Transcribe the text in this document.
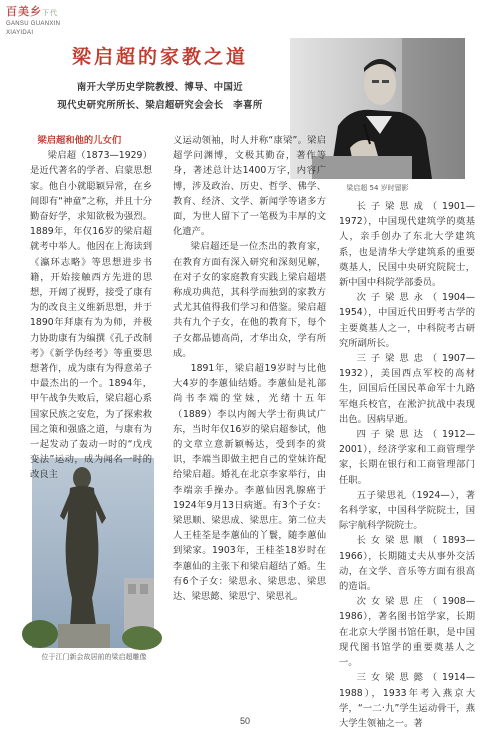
百美乡下代
GANSU GUANXIN
XIAYIDAI
梁启超的家教之道
南开大学历史学院教授、博导、中国近
现代史研究所所长、梁启超研究会会长　李喜所
梁启超 54 岁时留影
位于江门新会故居前的梁启超雕像

梁启超和他的儿女们

梁启超（1873—1929）是近代著名的学者、启蒙思想家。他自小就聪颖异常，在乡间即有“神童”之称，并且十分勤奋好学，求知欲极为强烈。1889年，年仅16岁的梁启超就考中举人。他因在上海读到《瀛环志略》等思想进步书籍，开始接触西方先进的思想，开阔了视野，接受了康有为的改良主义维新思想，并于1890年拜康有为为师，并极力协助康有为编撰《孔子改制考》《新学伪经考》等重要思想著作，成为康有为得意弟子中最杰出的一个。1894年，甲午战争失败后，梁启超心系国家民族之安危，为了探索救国之策和强盛之道，与康有为一起发动了轰动一时的“戊戌变法”运动，成为闻名一时的改良主

义运动领袖，时人并称“康梁”。梁启超学问渊博，文极其勤奋，著作等身，著述总计达1400万字，内容广博，涉及政治、历史、哲学、佛学、教育、经济、文学、新闻学等诸多方面，为世人留下了一笔极为丰厚的文化遗产。

梁启超还是一位杰出的教育家，在教育方面有深入研究和深刻见解，在对子女的家庭教育实践上梁启超堪称成功典范，其科学而独到的家教方式尤其值得我们学习和借鉴。梁启超共有九个子女，在他的教育下，每个子女都品德高尚，才华出众，学有所成。

1891年，梁启超19岁时与比他大4岁的李蕙仙结婚。李蕙仙是礼部尚书李端的堂妹，光绪十五年（1889）李以内阁大学士衔典试广东，当时年仅16岁的梁启超参试，他的文章立意新颖畅达，受到李的赏识，李端当即做主把自己的堂妹许配给梁启超。婚礼在北京李家举行，由李端亲手操办。李蕙仙因乳腺癌于1924年9月13日病逝。有3个子女：梁思顺、梁思成、梁思庄。第二位夫人王桂荃是李蕙仙的丫鬟，随李蕙仙到梁家。1903年，王桂荃18岁时在李蕙仙的主张下和梁启超结了婚。生有6个子女：梁思永、梁思忠、梁思达、梁思懿、梁思宁、梁思礼。

长子梁思成（1901—1972），中国现代建筑学的奠基人，亲手创办了东北大学建筑系，也是清华大学建筑系的重要奠基人，民国中央研究院院士，新中国中科院学部委员。

次子梁思永（1904—1954），中国近代田野考古学的主要奠基人之一，中科院考古研究所副所长。

三子梁思忠（1907—1932），美国西点军校的高材生，回国后任国民革命军十九路军炮兵校官，在淞沪抗战中表现出色。因病早逝。

四子梁思达（1912—2001），经济学家和工商管理学家，长期在银行和工商管理部门任职。

五子梁思礼（1924—），著名科学家，中国科学院院士，国际宇航科学院院士。

长女梁思顺（1893—1966），长期随丈夫从事外交活动，在文学、音乐等方面有很高的造诣。

次女梁思庄（1908—1986），著名图书馆学家，长期在北京大学图书馆任职，是中国现代图书馆学的重要奠基人之一。

三女梁思懿（1914—1988），1933年考入燕京大学，“一二·九”学生运动骨干，燕大学生领袖之一。著

50
